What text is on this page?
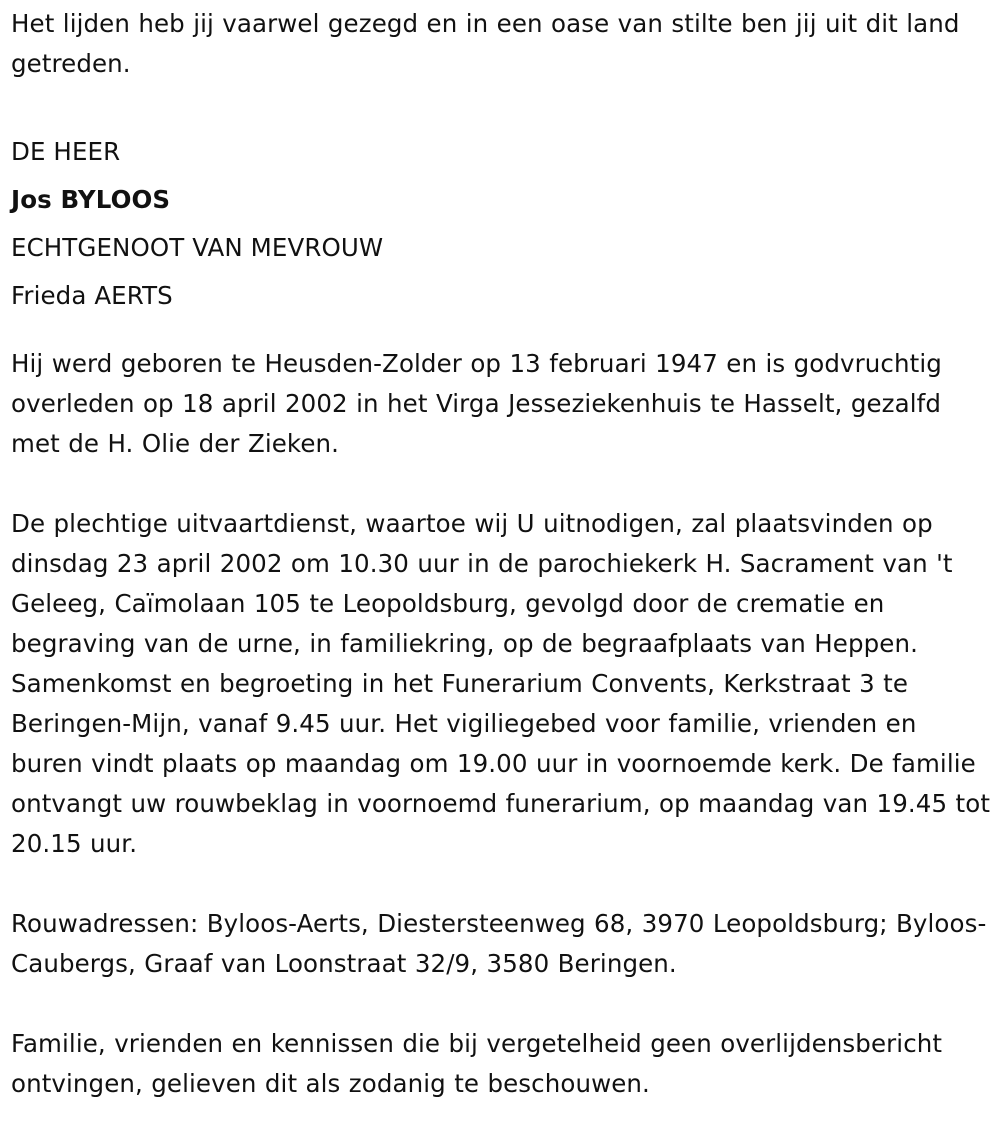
Het lijden heb jij vaarwel gezegd en in een oase van stilte ben jij uit dit land getreden.

DE HEER

Jos BYLOOS

ECHTGENOOT VAN MEVROUW

Frieda AERTS

Hij werd geboren te Heusden-Zolder op 13 februari 1947 en is godvruchtig overleden op 18 april 2002 in het Virga Jesseziekenhuis te Hasselt, gezalfd met de H. Olie der Zieken.

De plechtige uitvaartdienst, waartoe wij U uitnodigen, zal plaatsvinden op dinsdag 23 april 2002 om 10.30 uur in de parochiekerk H. Sacrament van 't Geleeg, Caïmolaan 105 te Leopoldsburg, gevolgd door de crematie en begraving van de urne, in familiekring, op de begraafplaats van Heppen. Samenkomst en begroeting in het Funerarium Convents, Kerkstraat 3 te Beringen-Mijn, vanaf 9.45 uur. Het vigiliegebed voor familie, vrienden en buren vindt plaats op maandag om 19.00 uur in voornoemde kerk. De familie ontvangt uw rouwbeklag in voornoemd funerarium, op maandag van 19.45 tot 20.15 uur.

Rouwadressen: Byloos-Aerts, Diestersteenweg 68, 3970 Leopoldsburg; Byloos-Caubergs, Graaf van Loonstraat 32/9, 3580 Beringen.

Familie, vrienden en kennissen die bij vergetelheid geen overlijdensbericht ontvingen, gelieven dit als zodanig te beschouwen.
